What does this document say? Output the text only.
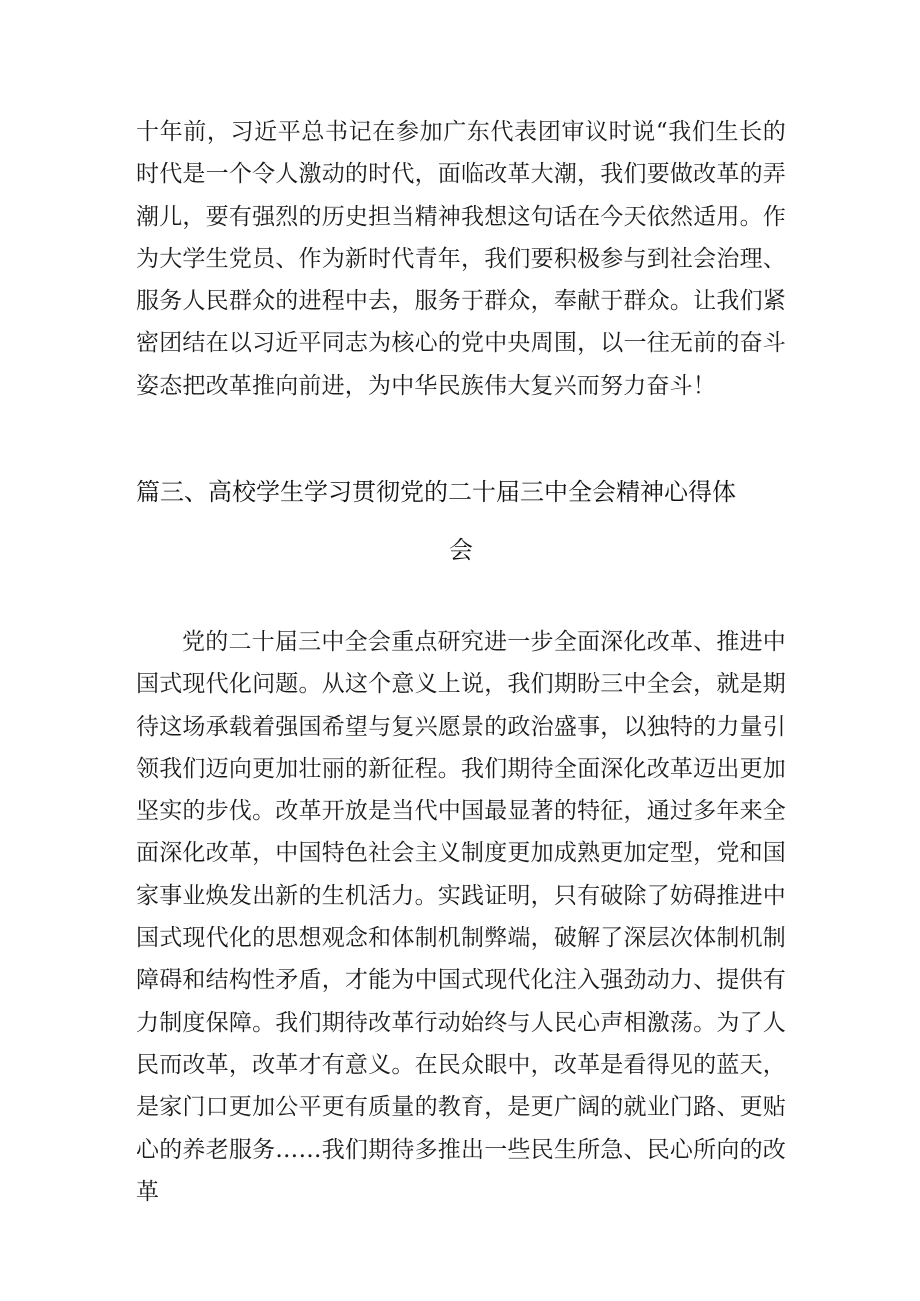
十年前，习近平总书记在参加广东代表团审议时说“我们生长的时代是一个令人激动的时代，面临改革大潮，我们要做改革的弄潮儿，要有强烈的历史担当精神我想这句话在今天依然适用。作为大学生党员、作为新时代青年，我们要积极参与到社会治理、服务人民群众的进程中去，服务于群众，奉献于群众。让我们紧密团结在以习近平同志为核心的党中央周围，以一往无前的奋斗姿态把改革推向前进，为中华民族伟大复兴而努力奋斗！

篇三、高校学生学习贯彻党的二十届三中全会精神心得体
会

党的二十届三中全会重点研究进一步全面深化改革、推进中国式现代化问题。从这个意义上说，我们期盼三中全会，就是期待这场承载着强国希望与复兴愿景的政治盛事，以独特的力量引领我们迈向更加壮丽的新征程。我们期待全面深化改革迈出更加坚实的步伐。改革开放是当代中国最显著的特征，通过多年来全面深化改革，中国特色社会主义制度更加成熟更加定型，党和国家事业焕发出新的生机活力。实践证明，只有破除了妨碍推进中国式现代化的思想观念和体制机制弊端，破解了深层次体制机制障碍和结构性矛盾，才能为中国式现代化注入强劲动力、提供有力制度保障。我们期待改革行动始终与人民心声相激荡。为了人民而改革，改革才有意义。在民众眼中，改革是看得见的蓝天，是家门口更加公平更有质量的教育，是更广阔的就业门路、更贴心的养老服务……我们期待多推出一些民生所急、民心所向的改革
